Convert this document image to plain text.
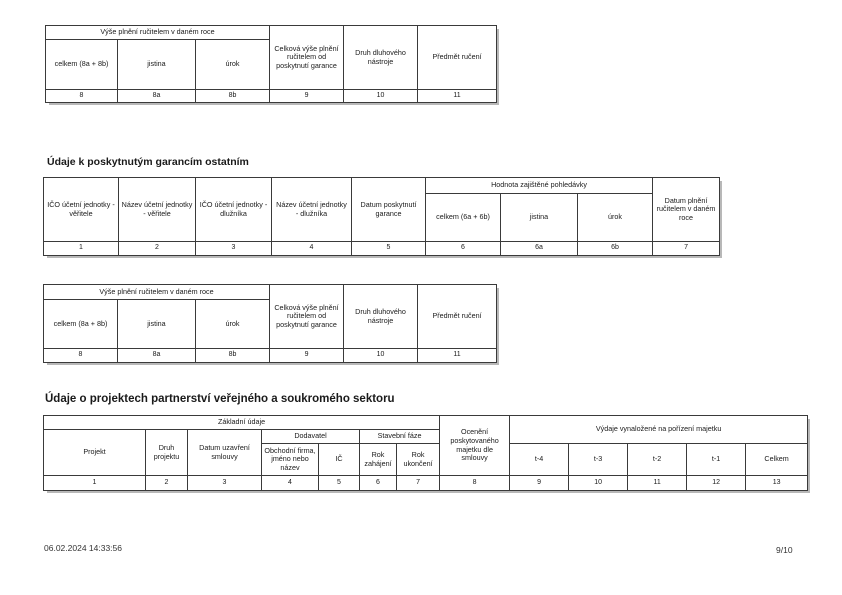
Výše plnění ručitelem v daném roce			Celková výše plnění ručitelem od poskytnutí garance	Druh dluhového nástroje	Předmět ručení
celkem (8a + 8b)	jistina	úrok			
8	8a	8b	9	10	11
Údaje k poskytnutým garancím ostatním
IČO účetní jednotky - věřitele	Název účetní jednotky - věřitele	IČO účetní jednotky - dlužníka	Název účetní jednotky - dlužníka	Datum poskytnutí garance	Hodnota zajištěné pohledávky			Datum plnění ručitelem v daném roce
					celkem (6a + 6b)	jistina	úrok	
1	2	3	4	5	6	6a	6b	7
Výše plnění ručitelem v daném roce			Celková výše plnění ručitelem od poskytnutí garance	Druh dluhového nástroje	Předmět ručení
celkem (8a + 8b)	jistina	úrok			
8	8a	8b	9	10	11
Údaje o projektech partnerství veřejného a soukromého sektoru
Základní údaje							Ocenění poskytovaného majetku dle smlouvy	Výdaje vynaložené na pořízení majetku				
Projekt	Druh projektu	Datum uzavření smlouvy	Dodavatel		Stavební fáze							
			Obchodní firma, jméno nebo název	IČ	Rok zahájení	Rok ukončení		t-4	t-3	t-2	t-1	Celkem
1	2	3	4	5	6	7	8	9	10	11	12	13
06.02.2024 14:33:56	9/10
